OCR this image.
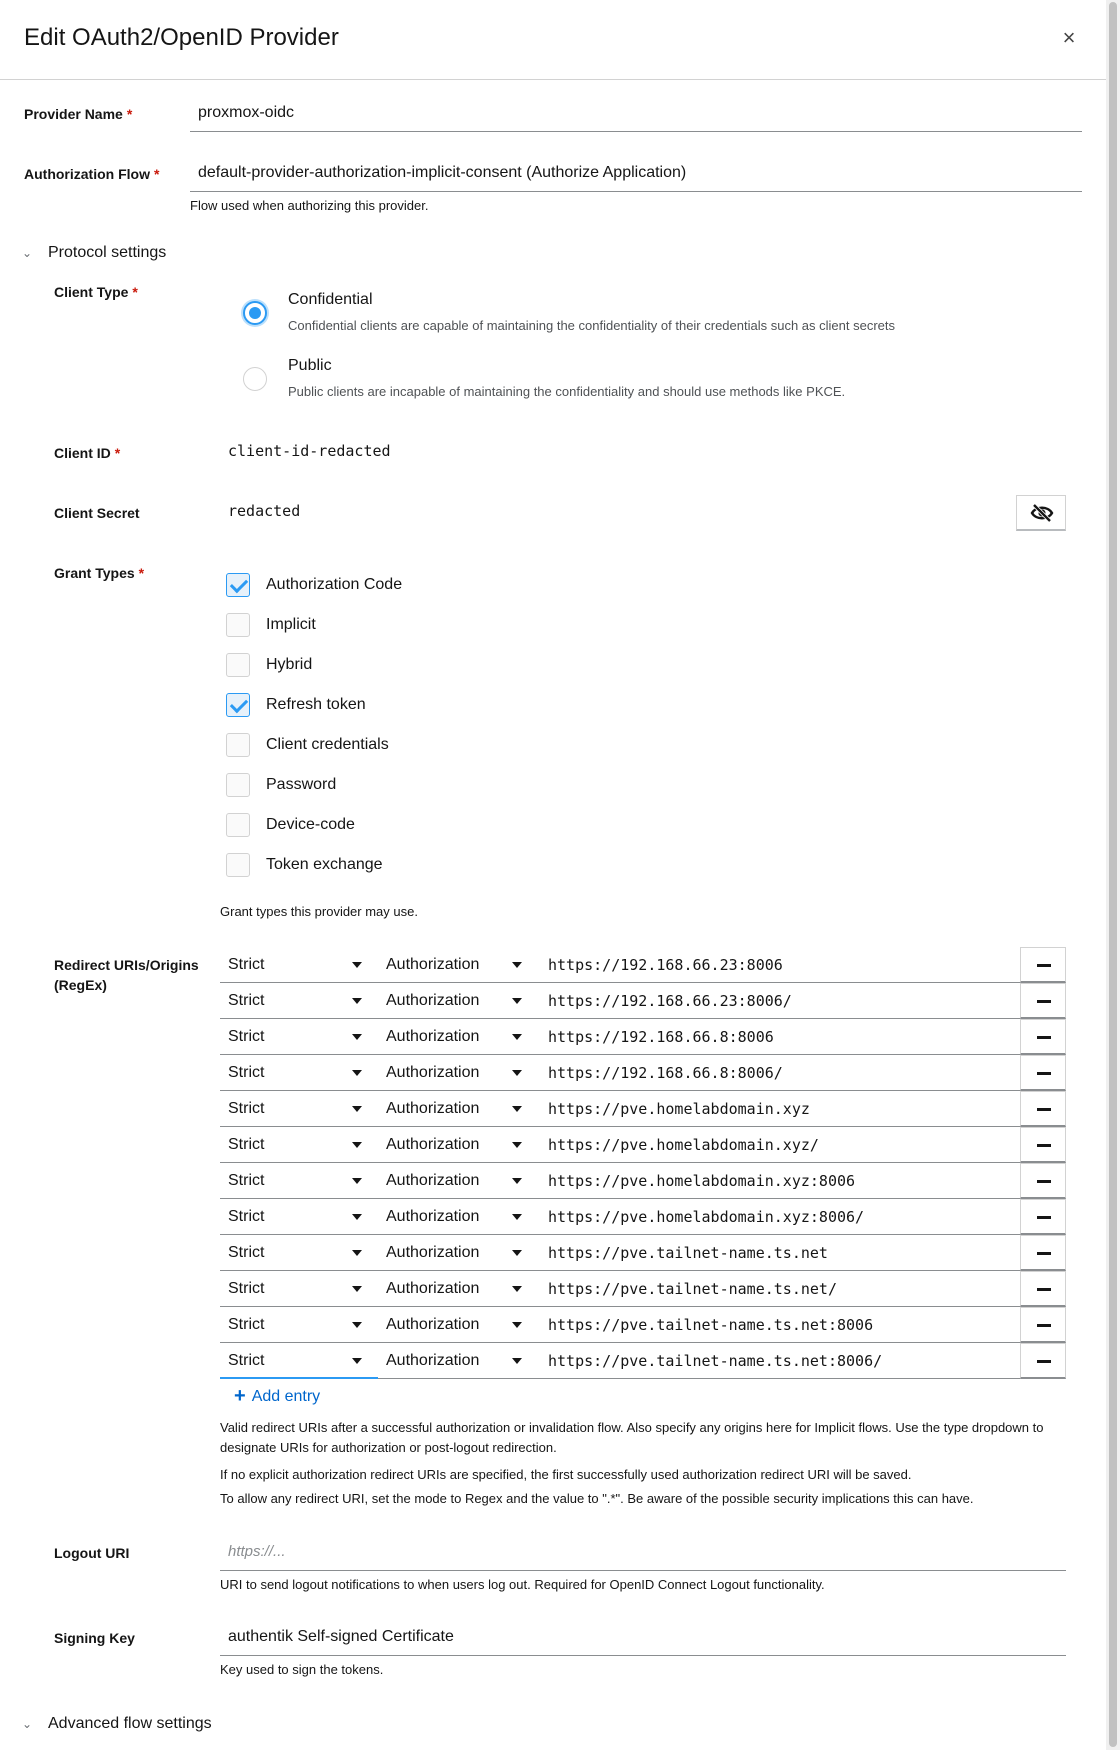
Edit OAuth2/OpenID Provider	×
Provider Name *	proxmox-oidc
Authorization Flow *	default-provider-authorization-implicit-consent (Authorize Application)
Flow used when authorizing this provider.
⌄ Protocol settings
Client Type *	Confidential
Confidential clients are capable of maintaining the confidentiality of their credentials such as client secrets
Public
Public clients are incapable of maintaining the confidentiality and should use methods like PKCE.
Client ID *	client-id-redacted
Client Secret	redacted
Grant Types *
Authorization Code
Implicit
Hybrid
Refresh token
Client credentials
Password
Device-code
Token exchange
Grant types this provider may use.
Redirect URIs/Origins
(RegEx)
Strict	Authorization	https://192.168.66.23:8006
Strict	Authorization	https://192.168.66.23:8006/
Strict	Authorization	https://192.168.66.8:8006
Strict	Authorization	https://192.168.66.8:8006/
Strict	Authorization	https://pve.homelabdomain.xyz
Strict	Authorization	https://pve.homelabdomain.xyz/
Strict	Authorization	https://pve.homelabdomain.xyz:8006
Strict	Authorization	https://pve.homelabdomain.xyz:8006/
Strict	Authorization	https://pve.tailnet-name.ts.net
Strict	Authorization	https://pve.tailnet-name.ts.net/
Strict	Authorization	https://pve.tailnet-name.ts.net:8006
Strict	Authorization	https://pve.tailnet-name.ts.net:8006/
+ Add entry
Valid redirect URIs after a successful authorization or invalidation flow. Also specify any origins here for Implicit flows. Use the type dropdown to designate URIs for authorization or post-logout redirection.
If no explicit authorization redirect URIs are specified, the first successfully used authorization redirect URI will be saved.
To allow any redirect URI, set the mode to Regex and the value to ".*". Be aware of the possible security implications this can have.
Logout URI	https://...
URI to send logout notifications to when users log out. Required for OpenID Connect Logout functionality.
Signing Key	authentik Self-signed Certificate
Key used to sign the tokens.
⌄ Advanced flow settings
